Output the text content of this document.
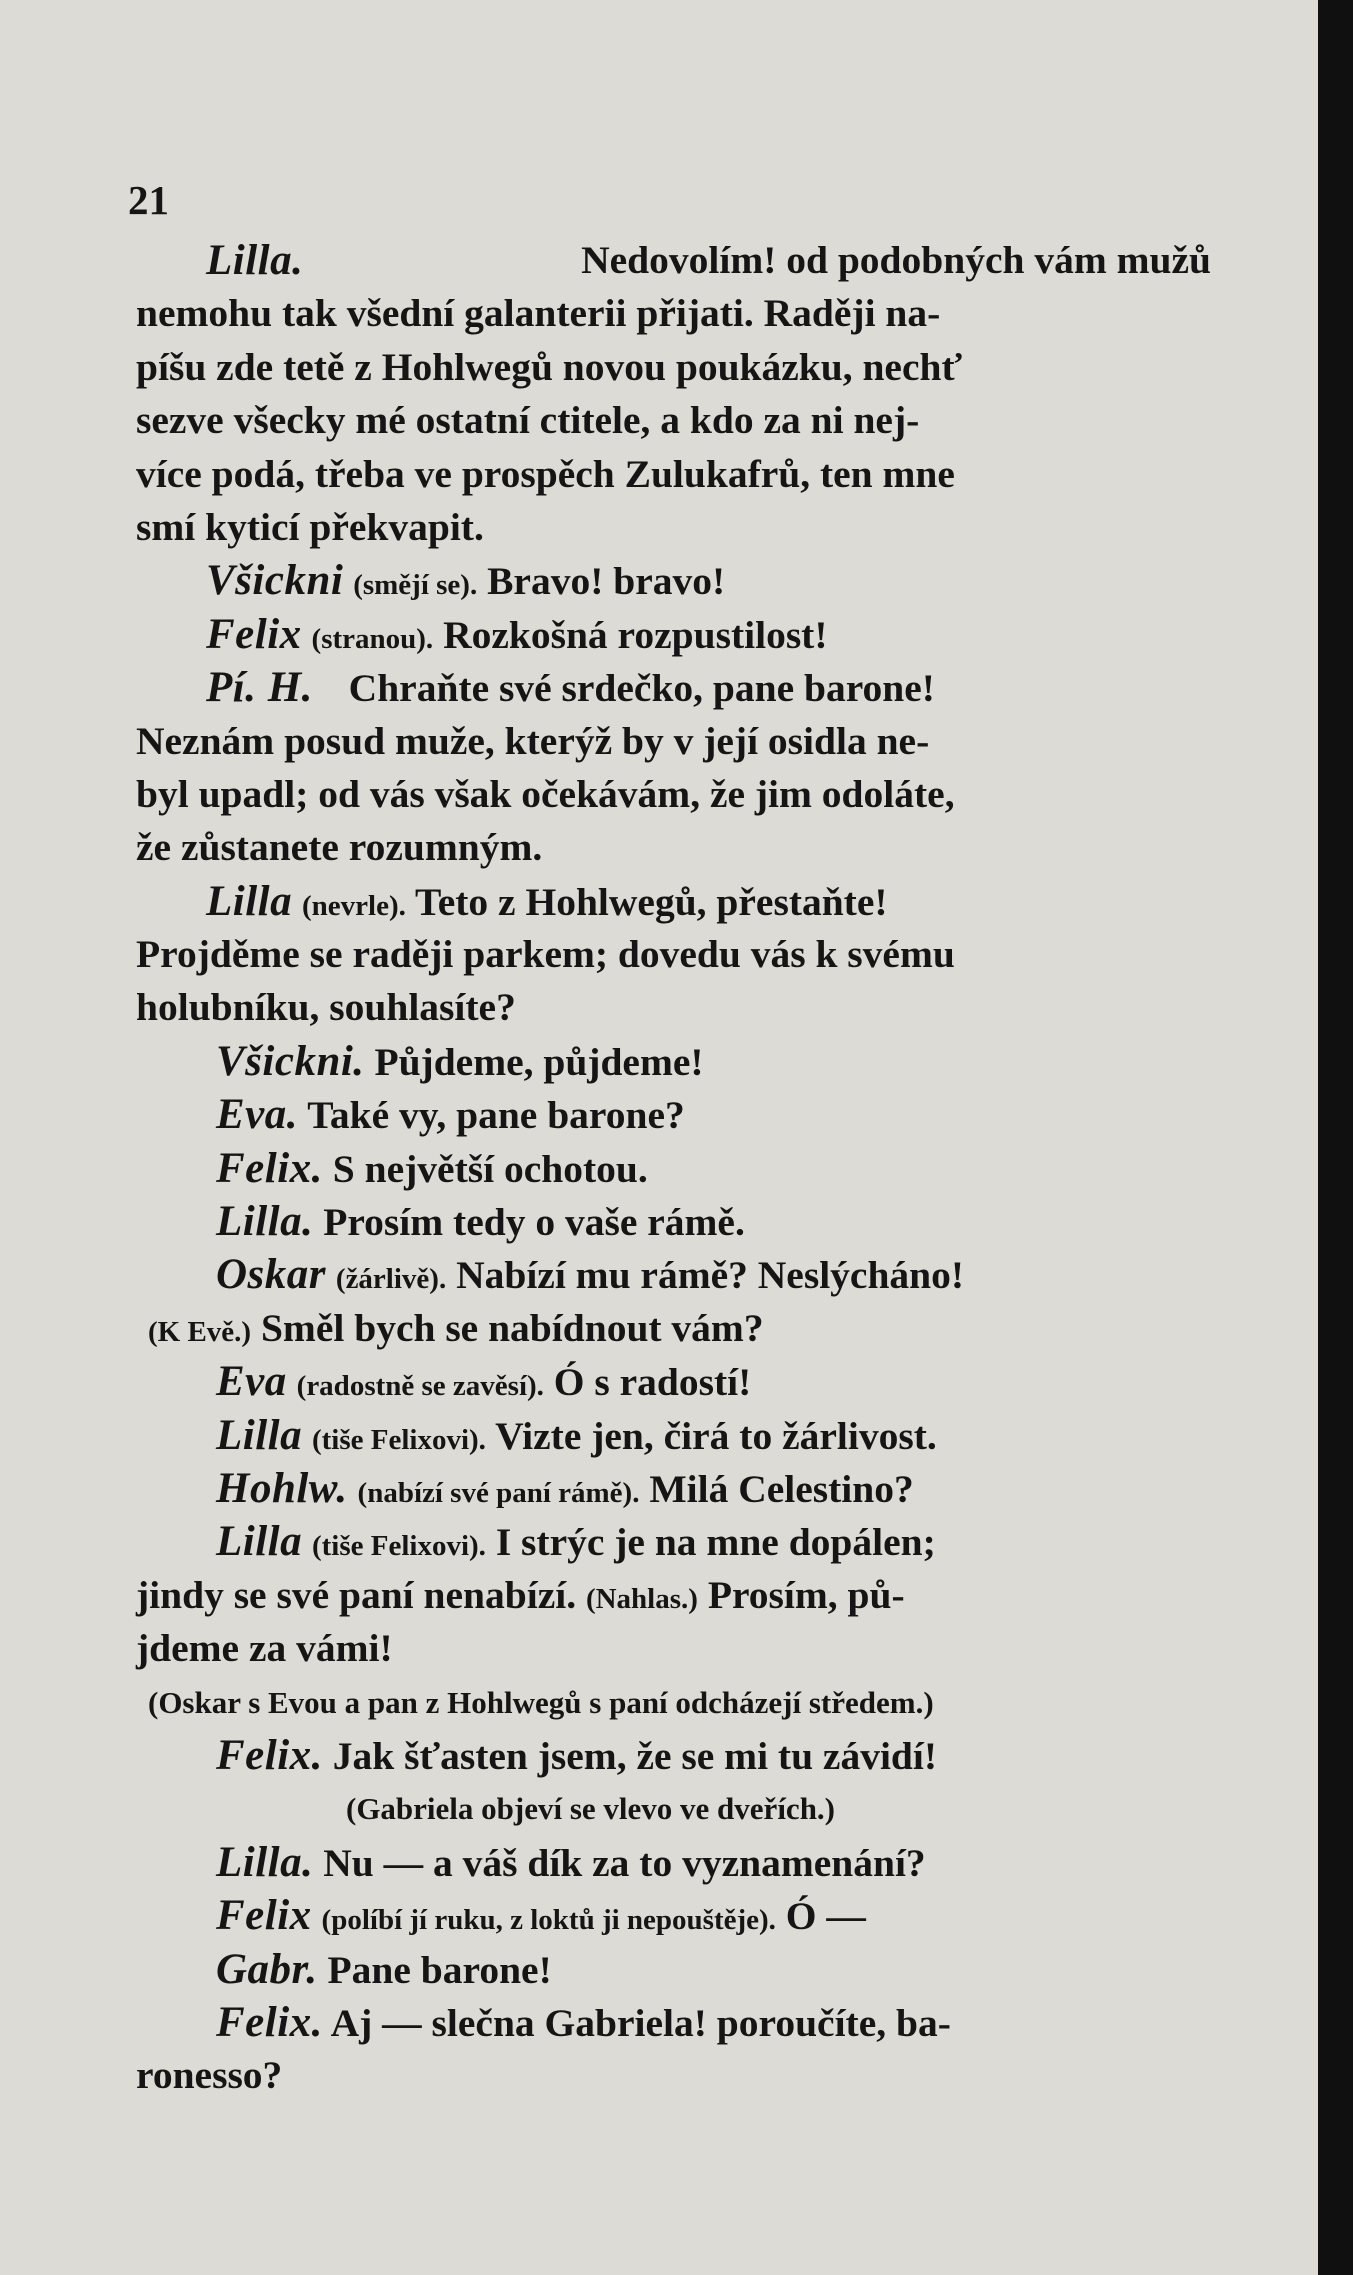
21
Lilla.	Nedovolím! od podobných vám mužů
nemohu tak všední galanterii přijati. Raději na-
píšu zde tetě z Hohlwegů novou poukázku, nechť
sezve všecky mé ostatní ctitele, a kdo za ni nej-
více podá, třeba ve prospěch Zulukafrů, ten mne
smí kyticí překvapit.
Všickni (smějí se). Bravo! bravo!
Felix (stranou). Rozkošná rozpustilost!
Pí. H. Chraňte své srdečko, pane barone!
Neznám posud muže, kterýž by v její osidla ne-
byl upadl; od vás však očekávám, že jim odoláte,
že zůstanete rozumným.
Lilla (nevrle). Teto z Hohlwegů, přestaňte!
Projděme se raději parkem; dovedu vás k svému
holubníku, souhlasíte?
Všickni. Půjdeme, půjdeme!
Eva. Také vy, pane barone?
Felix. S největší ochotou.
Lilla. Prosím tedy o vaše rámě.
Oskar (žárlivě). Nabízí mu rámě? Neslýcháno!
(K Evě.) Směl bych se nabídnout vám?
Eva (radostně se zavěsí). Ó s radostí!
Lilla (tiše Felixovi). Vizte jen, čirá to žárlivost.
Hohlw. (nabízí své paní rámě). Milá Celestino?
Lilla (tiše Felixovi). I strýc je na mne dopálen;
jindy se své paní nenabízí. (Nahlas.) Prosím, pů-
jdeme za vámi!
(Oskar s Evou a pan z Hohlwegů s paní odcházejí středem.)
Felix. Jak šťasten jsem, že se mi tu závidí!
(Gabriela objeví se vlevo ve dveřích.)
Lilla. Nu — a váš dík za to vyznamenání?
Felix (políbí jí ruku, z loktů ji nepouštěje). Ó —
Gabr. Pane barone!
Felix. Aj — slečna Gabriela! poroučíte, ba-
ronesso?
